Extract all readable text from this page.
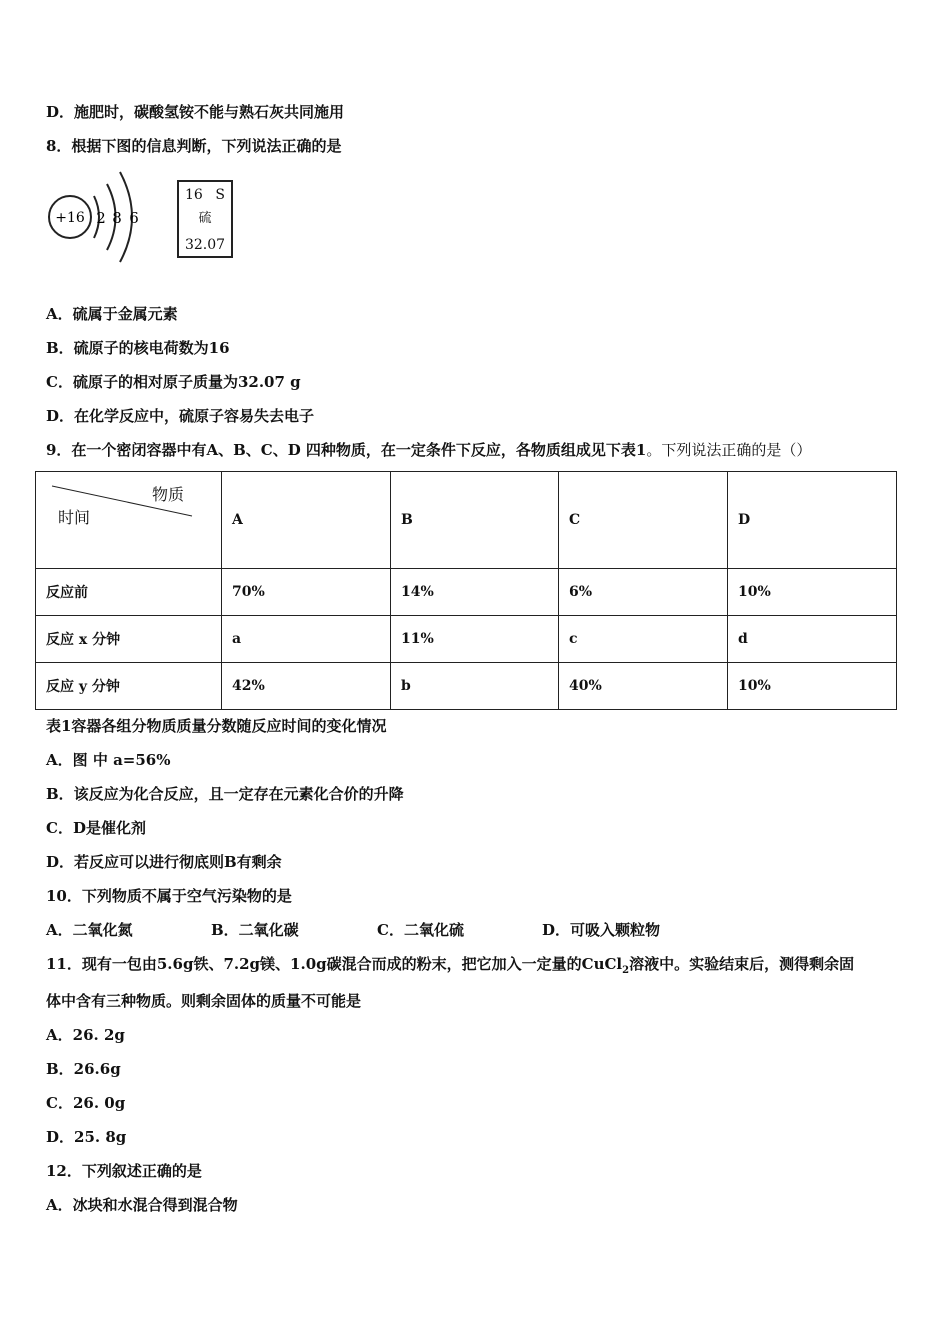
D．施肥时，碳酸氢铵不能与熟石灰共同施用
8．根据下图的信息判断，下列说法正确的是
+16 2 8 6
16 S
硫
32.07
A．硫属于金属元素
B．硫原子的核电荷数为16
C．硫原子的相对原子质量为32.07 g
D．在化学反应中，硫原子容易失去电子
9．在一个密闭容器中有A、B、C、D 四种物质，在一定条件下反应，各物质组成见下表1。下列说法正确的是（）
物质
时间	A	B	C	D
反应前	70%	14%	6%	10%
反应 x 分钟	a	11%	c	d
反应 y 分钟	42%	b	40%	10%
表1容器各组分物质质量分数随反应时间的变化情况
A．图 中 a=56%
B．该反应为化合反应，且一定存在元素化合价的升降
C．D是催化剂
D．若反应可以进行彻底则B有剩余
10．下列物质不属于空气污染物的是
A．二氧化氮	B．二氧化碳	C．二氧化硫	D．可吸入颗粒物
11．现有一包由5.6g铁、7.2g镁、1.0g碳混合而成的粉末，把它加入一定量的CuCl$_2$溶液中。实验结束后，测得剩余固
体中含有三种物质。则剩余固体的质量不可能是
A．26. 2g
B．26.6g
C．26. 0g
D．25. 8g
12．下列叙述正确的是
A．冰块和水混合得到混合物
